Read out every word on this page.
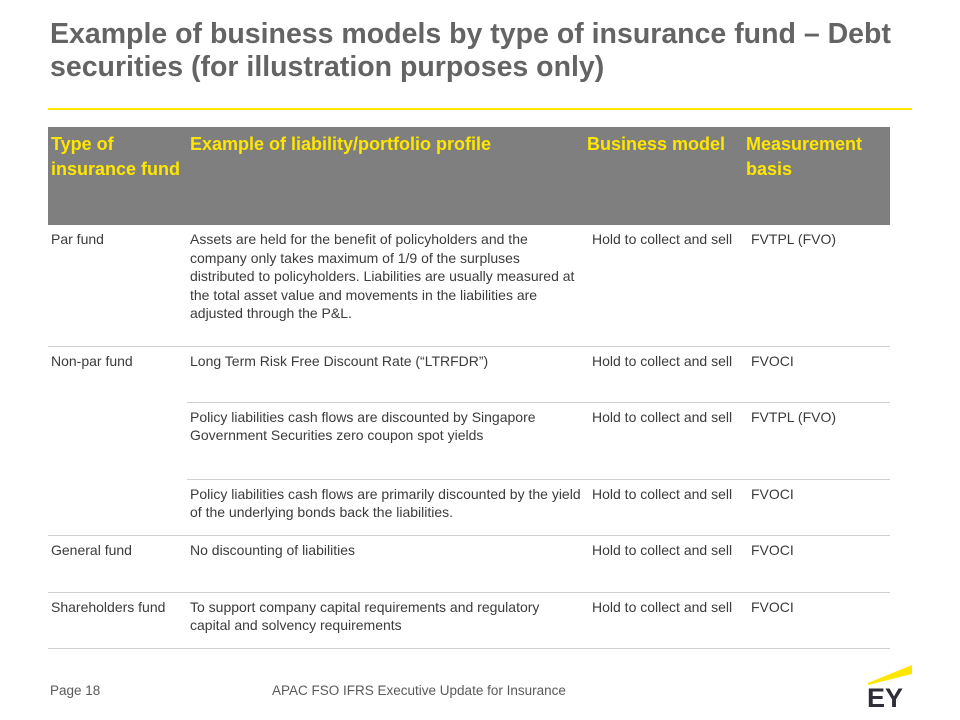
Example of business models by type of insurance fund – Debt securities (for illustration purposes only)
Type of insurance fund	Example of liability/portfolio profile	Business model	Measurement basis
Par fund	Assets are held for the benefit of policyholders and the company only takes maximum of 1/9 of the surpluses distributed to policyholders. Liabilities are usually measured at the total asset value and movements in the liabilities are adjusted through the P&L.	Hold to collect and sell	FVTPL (FVO)
Non-par fund	Long Term Risk Free Discount Rate (“LTRFDR”)	Hold to collect and sell	FVOCI
	Policy liabilities cash flows are discounted by Singapore Government Securities zero coupon spot yields	Hold to collect and sell	FVTPL (FVO)
	Policy liabilities cash flows are primarily discounted by the yield of the underlying bonds back the liabilities.	Hold to collect and sell	FVOCI
General fund	No discounting of liabilities	Hold to collect and sell	FVOCI
Shareholders fund	To support company capital requirements and regulatory capital and solvency requirements	Hold to collect and sell	FVOCI
Page 18	APAC FSO IFRS Executive Update for Insurance	EY
